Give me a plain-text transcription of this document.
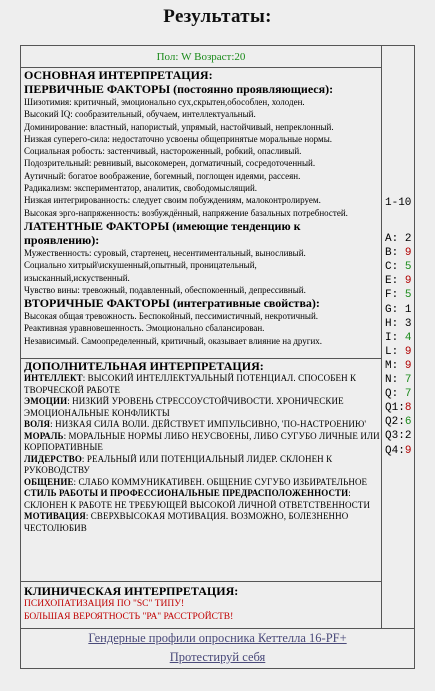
Результаты:
Пол: W Возраст:20

ОСНОВНАЯ ИНТЕРПРЕТАЦИЯ:

ПЕРВИЧНЫЕ ФАКТОРЫ (постоянно проявляющиеся):

Шизотимия: критичный, эмоционально сух,скрытен,обособлен, холоден.

Высокий IQ: сообразительный, обучаем, интеллектуальный.

Доминирование: властный, напористый, упрямый, настойчивый, непреклонный.

Низкая суперего-сила: недостаточно усвоены общепринятые моральные нормы.

Социальная робость: застенчивый, настороженный, робкий, опасливый.

Подозрительный: ревнивый, высокомерен, догматичный, сосредоточенный.

Аутичный: богатое воображение, богемный, поглощен идеями, рассеян.

Радикализм: экспериментатор, аналитик, свободомыслящий.

Низкая интегрированность: следует своим побуждениям, малоконтролируем.

Высокая эрго-напряженность: возбуждённый, напряжение базальных потребностей.

ЛАТЕНТНЫЕ ФАКТОРЫ (имеющие тенденцию к проявлению):

Мужественность: суровый, стартенец, несентиментальный, выносливый.

Социально хитрый\искушенный,опытный, проницательный,

изысканный,искуственный.

Чувство вины: тревожный, подавленный, обеспокоенный, депрессивный.

ВТОРИЧНЫЕ ФАКТОРЫ (интегративные свойства):

Высокая общая тревожность. Беспокойный, пессимистичный, некротичный.

Реактивная уравновешенность. Эмоционально сбалансирован.

Независимый. Самоопределенный, критичный, оказывает влияние на других.

ДОПОЛНИТЕЛЬНАЯ ИНТЕРПРЕТАЦИЯ:

ИНТЕЛЛЕКТ: ВЫСОКИЙ ИНТЕЛЛЕКТУАЛЬНЫЙ ПОТЕНЦИАЛ. СПОСОБЕН К ТВОРЧЕСКОЙ РАБОТЕ

ЭМОЦИИ: НИЗКИЙ УРОВЕНЬ СТРЕССОУСТОЙЧИВОСТИ. ХРОНИЧЕСКИЕ ЭМОЦИОНАЛЬНЫЕ КОНФЛИКТЫ

ВОЛЯ: НИЗКАЯ СИЛА ВОЛИ. ДЕЙСТВУЕТ ИМПУЛЬСИВНО, 'ПО-НАСТРОЕНИЮ'

МОРАЛЬ: МОРАЛЬНЫЕ НОРМЫ ЛИБО НЕУСВОЕНЫ, ЛИБО СУГУБО ЛИЧНЫЕ ИЛИ КОРПОРАТИВНЫЕ

ЛИДЕРСТВО: РЕАЛЬНЫЙ ИЛИ ПОТЕНЦИАЛЬНЫЙ ЛИДЕР. СКЛОНЕН К РУКОВОДСТВУ

ОБЩЕНИЕ: СЛАБО КОММУНИКАТИВЕН. ОБЩЕНИЕ СУГУБО ИЗБИРАТЕЛЬНОЕ

СТИЛЬ РАБОТЫ И ПРОФЕССИОНАЛЬНЫЕ ПРЕДРАСПОЛОЖЕННОСТИ: СКЛОНЕН К РАБОТЕ НЕ ТРЕБУЮЩЕЙ ВЫСОКОЙ ЛИЧНОЙ ОТВЕТСТВЕННОСТИ

МОТИВАЦИЯ: СВЕРХВЫСОКАЯ МОТИВАЦИЯ. ВОЗМОЖНО, БОЛЕЗНЕННО ЧЕСТОЛЮБИВ

КЛИНИЧЕСКАЯ ИНТЕРПРЕТАЦИЯ:

ПСИХОПАТИЗАЦИЯ ПО "SC" ТИПУ!

БОЛЬШАЯ ВЕРОЯТНОСТЬ "РА" РАССТРОЙСТВ!

1-10
A: 2
B: 9
C: 5
E: 9
F: 5
G: 1
H: 3
I: 4
L: 9
M: 9
N: 7
Q: 7
Q1:8
Q2:6
Q3:2
Q4:9
Гендерные профили опросника Кеттелла 16-PF+
Протестируй себя
